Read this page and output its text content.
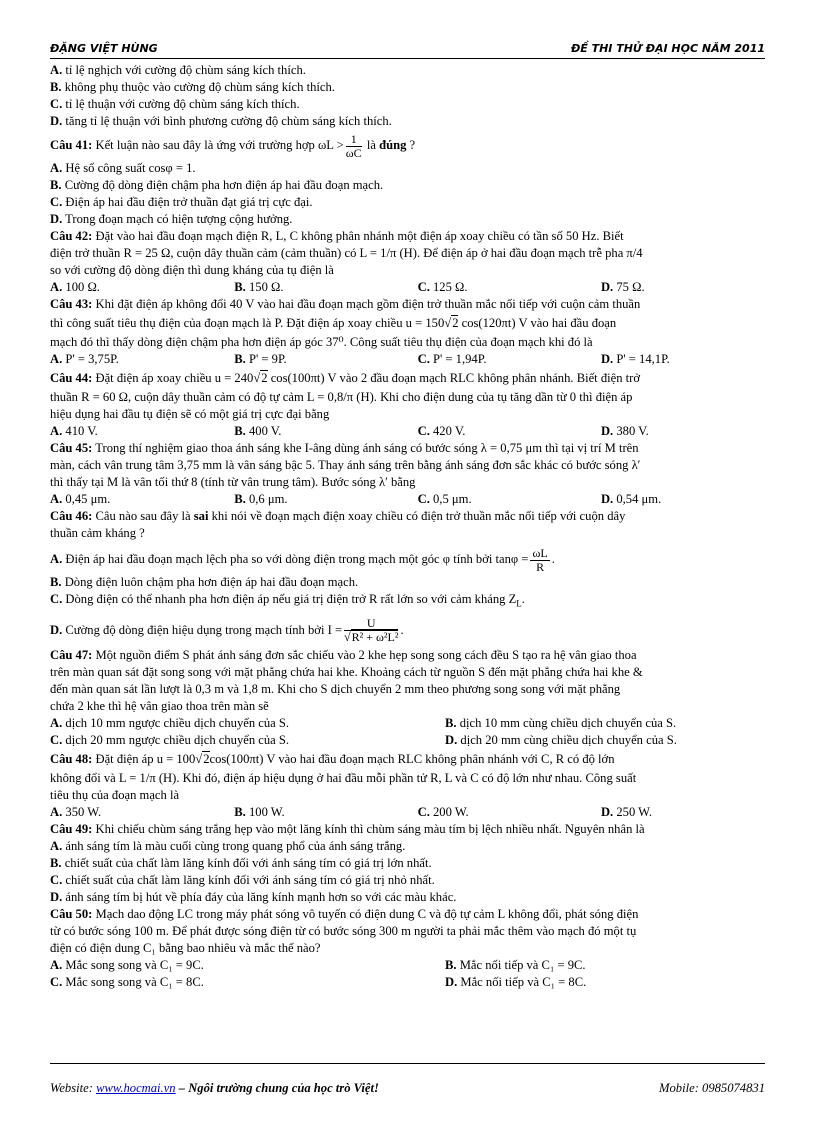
ĐẶNG VIỆT HÙNG	ĐỀ THI THỬ ĐẠI HỌC NĂM 2011

A. tỉ lệ nghịch với cường độ chùm sáng kích thích.

B. không phụ thuộc vào cường độ chùm sáng kích thích.

C. tỉ lệ thuận với cường độ chùm sáng kích thích.

D. tăng tỉ lệ thuận với bình phương cường độ chùm sáng kích thích.

Câu 41: Kết luận nào sau đây là ứng với trường hợp $\omega L > \frac{1}{\omega C}$ là đúng ?

A. Hệ số công suất cosφ = 1.

B. Cường độ dòng điện chậm pha hơn điện áp hai đầu đoạn mạch.

C. Điện áp hai đầu điện trở thuần đạt giá trị cực đại.

D. Trong đoạn mạch có hiện tượng cộng hưởng.

Câu 42: Đặt vào hai đầu đoạn mạch điện R, L, C không phân nhánh một điện áp xoay chiều có tần số 50 Hz. Biết

điện trở thuần R = 25 Ω, cuộn dây thuần cảm (cảm thuần) có L = 1/π (H). Để điện áp ở hai đầu đoạn mạch trễ pha π/4

so với cường độ dòng điện thì dung kháng của tụ điện là

A. 100 Ω.	B. 150 Ω.	C. 125 Ω.	D. 75 Ω.

Câu 43: Khi đặt điện áp không đổi 40 V vào hai đầu đoạn mạch gồm điện trở thuần mắc nối tiếp với cuộn cảm thuần

thì công suất tiêu thụ điện của đoạn mạch là P. Đặt điện áp xoay chiều u = 150√2 cos(120πt) V vào hai đầu đoạn

mạch đó thì thấy dòng điện chậm pha hơn điện áp góc 37⁰. Công suất tiêu thụ điện của đoạn mạch khi đó là

A. P' = 3,75P.	B. P' = 9P.	C. P' = 1,94P.	D. P' = 14,1P.

Câu 44: Đặt điện áp xoay chiều u = 240√2 cos(100πt) V vào 2 đầu đoạn mạch RLC không phân nhánh. Biết điện trở

thuần R = 60 Ω, cuộn dây thuần cảm có độ tự cảm L = 0,8/π (H). Khi cho điện dung của tụ tăng dần từ 0 thì điện áp

hiệu dụng hai đầu tụ điện sẽ có một giá trị cực đại bằng

A. 410 V.	B. 400 V.	C. 420 V.	D. 380 V.

Câu 45: Trong thí nghiệm giao thoa ánh sáng khe I-âng dùng ánh sáng có bước sóng λ = 0,75 μm thì tại vị trí M trên

màn, cách vân trung tâm 3,75 mm là vân sáng bậc 5. Thay ánh sáng trên bằng ánh sáng đơn sắc khác có bước sóng λ′

thì thấy tại M là vân tối thứ 8 (tính từ vân trung tâm). Bước sóng λ′ bằng

A. 0,45 μm.	B. 0,6 μm.	C. 0,5 μm.	D. 0,54 μm.

Câu 46: Câu nào sau đây là sai khi nói về đoạn mạch điện xoay chiều có điện trở thuần mắc nối tiếp với cuộn dây

thuần cảm kháng ?

A. Điện áp hai đầu đoạn mạch lệch pha so với dòng điện trong mạch một góc φ tính bởi $\tan\varphi = \frac{\omega L}{R}$ .

B. Dòng điện luôn chậm pha hơn điện áp hai đầu đoạn mạch.

C. Dòng điện có thể nhanh pha hơn điện áp nếu giá trị điện trở R rất lớn so với cảm kháng $Z_L$.

D. Cường độ dòng điện hiệu dụng trong mạch tính bởi $I = \frac{U}{\text{√R² + ω²L²}}$ .

Câu 47: Một nguồn điểm S phát ánh sáng đơn sắc chiếu vào 2 khe hẹp song song cách đều S tạo ra hệ vân giao thoa

trên màn quan sát đặt song song với mặt phẳng chứa hai khe. Khoảng cách từ nguồn S đến mặt phẳng chứa hai khe &

đến màn quan sát lần lượt là 0,3 m và 1,8 m. Khi cho S dịch chuyển 2 mm theo phương song song với mặt phẳng

chứa 2 khe thì hệ vân giao thoa trên màn sẽ

A. dịch 10 mm ngược chiều dịch chuyển của S.	B. dịch 10 mm cùng chiều dịch chuyển của S.
C. dịch 20 mm ngược chiều dịch chuyển của S.	D. dịch 20 mm cùng chiều dịch chuyển của S.

Câu 48: Đặt điện áp u = 100√2cos(100πt) V vào hai đầu đoạn mạch RLC không phân nhánh với C, R có độ lớn

không đổi và L = 1/π (H). Khi đó, điện áp hiệu dụng ở hai đầu mỗi phần tử R, L và C có độ lớn như nhau. Công suất

tiêu thụ của đoạn mạch là

A. 350 W.	B. 100 W.	C. 200 W.	D. 250 W.

Câu 49: Khi chiếu chùm sáng trắng hẹp vào một lăng kính thì chùm sáng màu tím bị lệch nhiều nhất. Nguyên nhân là

A. ánh sáng tím là màu cuối cùng trong quang phổ của ánh sáng trắng.

B. chiết suất của chất làm lăng kính đối với ánh sáng tím có giá trị lớn nhất.

C. chiết suất của chất làm lăng kính đối với ánh sáng tím có giá trị nhỏ nhất.

D. ánh sáng tím bị hút về phía đáy của lăng kính mạnh hơn so với các màu khác.

Câu 50: Mạch dao động LC trong máy phát sóng vô tuyến có điện dung C và độ tự cảm L không đổi, phát sóng điện

từ có bước sóng 100 m. Để phát được sóng điện từ có bước sóng 300 m người ta phải mắc thêm vào mạch đó một tụ

điện có điện dung C₁ bằng bao nhiêu và mắc thế nào?

A. Mắc song song và C₁ = 9C.	B. Mắc nối tiếp và C₁ = 9C.
C. Mắc song song và C₁ = 8C.	D. Mắc nối tiếp và C₁ = 8C.
Website: www.hocmai.vn – Ngôi trường chung của học trò Việt!	Mobile: 0985074831
